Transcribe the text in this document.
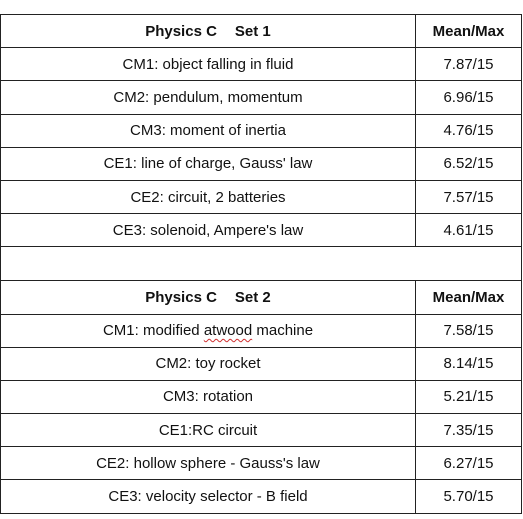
Physics C Set 1	Mean/Max
CM1: object falling in fluid	7.87/15
CM2: pendulum, momentum	6.96/15
CM3: moment of inertia	4.76/15
CE1: line of charge, Gauss' law	6.52/15
CE2: circuit, 2 batteries	7.57/15
CE3: solenoid, Ampere's law	4.61/15

Physics C Set 2	Mean/Max
CM1: modified atwood machine	7.58/15
CM2: toy rocket	8.14/15
CM3: rotation	5.21/15
CE1:RC circuit	7.35/15
CE2: hollow sphere - Gauss's law	6.27/15
CE3: velocity selector - B field	5.70/15
